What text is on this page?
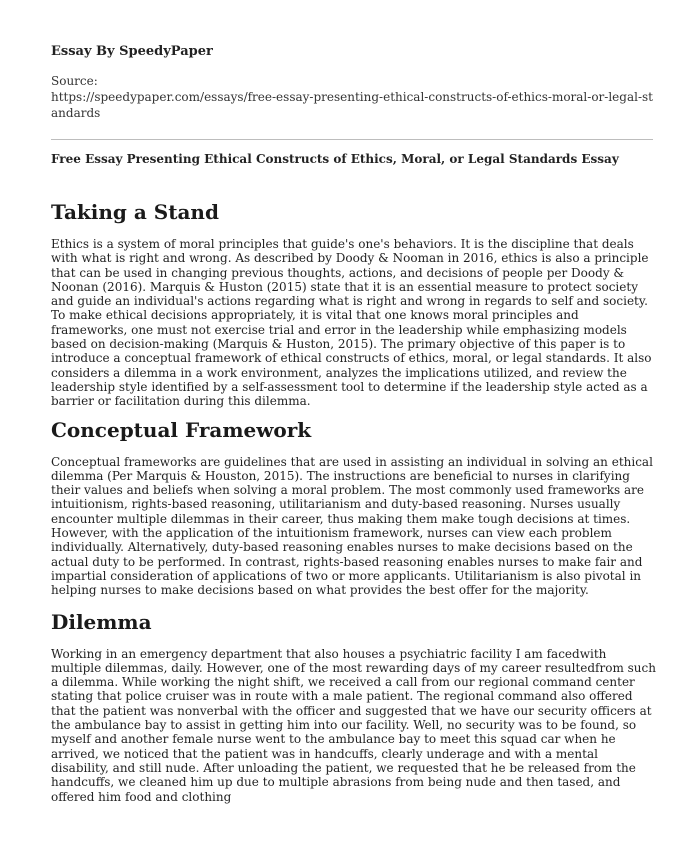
Essay By SpeedyPaper
Source:
https://speedypaper.com/essays/free-essay-presenting-ethical-constructs-of-ethics-moral-or-legal-standards
Free Essay Presenting Ethical Constructs of Ethics, Moral, or Legal Standards Essay
Taking a Stand

Ethics is a system of moral principles that guide's one's behaviors. It is the discipline that deals with what is right and wrong. As described by Doody & Nooman in 2016, ethics is also a principle that can be used in changing previous thoughts, actions, and decisions of people per Doody & Noonan (2016). Marquis & Huston (2015) state that it is an essential measure to protect society and guide an individual's actions regarding what is right and wrong in regards to self and society. To make ethical decisions appropriately, it is vital that one knows moral principles and frameworks, one must not exercise trial and error in the leadership while emphasizing models based on decision-making (Marquis & Huston, 2015). The primary objective of this paper is to introduce a conceptual framework of ethical constructs of ethics, moral, or legal standards. It also considers a dilemma in a work environment, analyzes the implications utilized, and review the leadership style identified by a self-assessment tool to determine if the leadership style acted as a barrier or facilitation during this dilemma.

Conceptual Framework

Conceptual frameworks are guidelines that are used in assisting an individual in solving an ethical dilemma (Per Marquis & Houston, 2015). The instructions are beneficial to nurses in clarifying their values and beliefs when solving a moral problem. The most commonly used frameworks are intuitionism, rights-based reasoning, utilitarianism and duty-based reasoning. Nurses usually encounter multiple dilemmas in their career, thus making them make tough decisions at times. However, with the application of the intuitionism framework, nurses can view each problem individually. Alternatively, duty-based reasoning enables nurses to make decisions based on the actual duty to be performed. In contrast, rights-based reasoning enables nurses to make fair and impartial consideration of applications of two or more applicants. Utilitarianism is also pivotal in helping nurses to make decisions based on what provides the best offer for the majority.

Dilemma

Working in an emergency department that also houses a psychiatric facility I am facedwith multiple dilemmas, daily. However, one of the most rewarding days of my career resultedfrom such a dilemma. While working the night shift, we received a call from our regional command center stating that police cruiser was in route with a male patient. The regional command also offered that the patient was nonverbal with the officer and suggested that we have our security officers at the ambulance bay to assist in getting him into our facility. Well, no security was to be found, so myself and another female nurse went to the ambulance bay to meet this squad car when he arrived, we noticed that the patient was in handcuffs, clearly underage and with a mental disability, and still nude. After unloading the patient, we requested that he be released from the handcuffs, we cleaned him up due to multiple abrasions from being nude and then tased, and offered him food and clothing
